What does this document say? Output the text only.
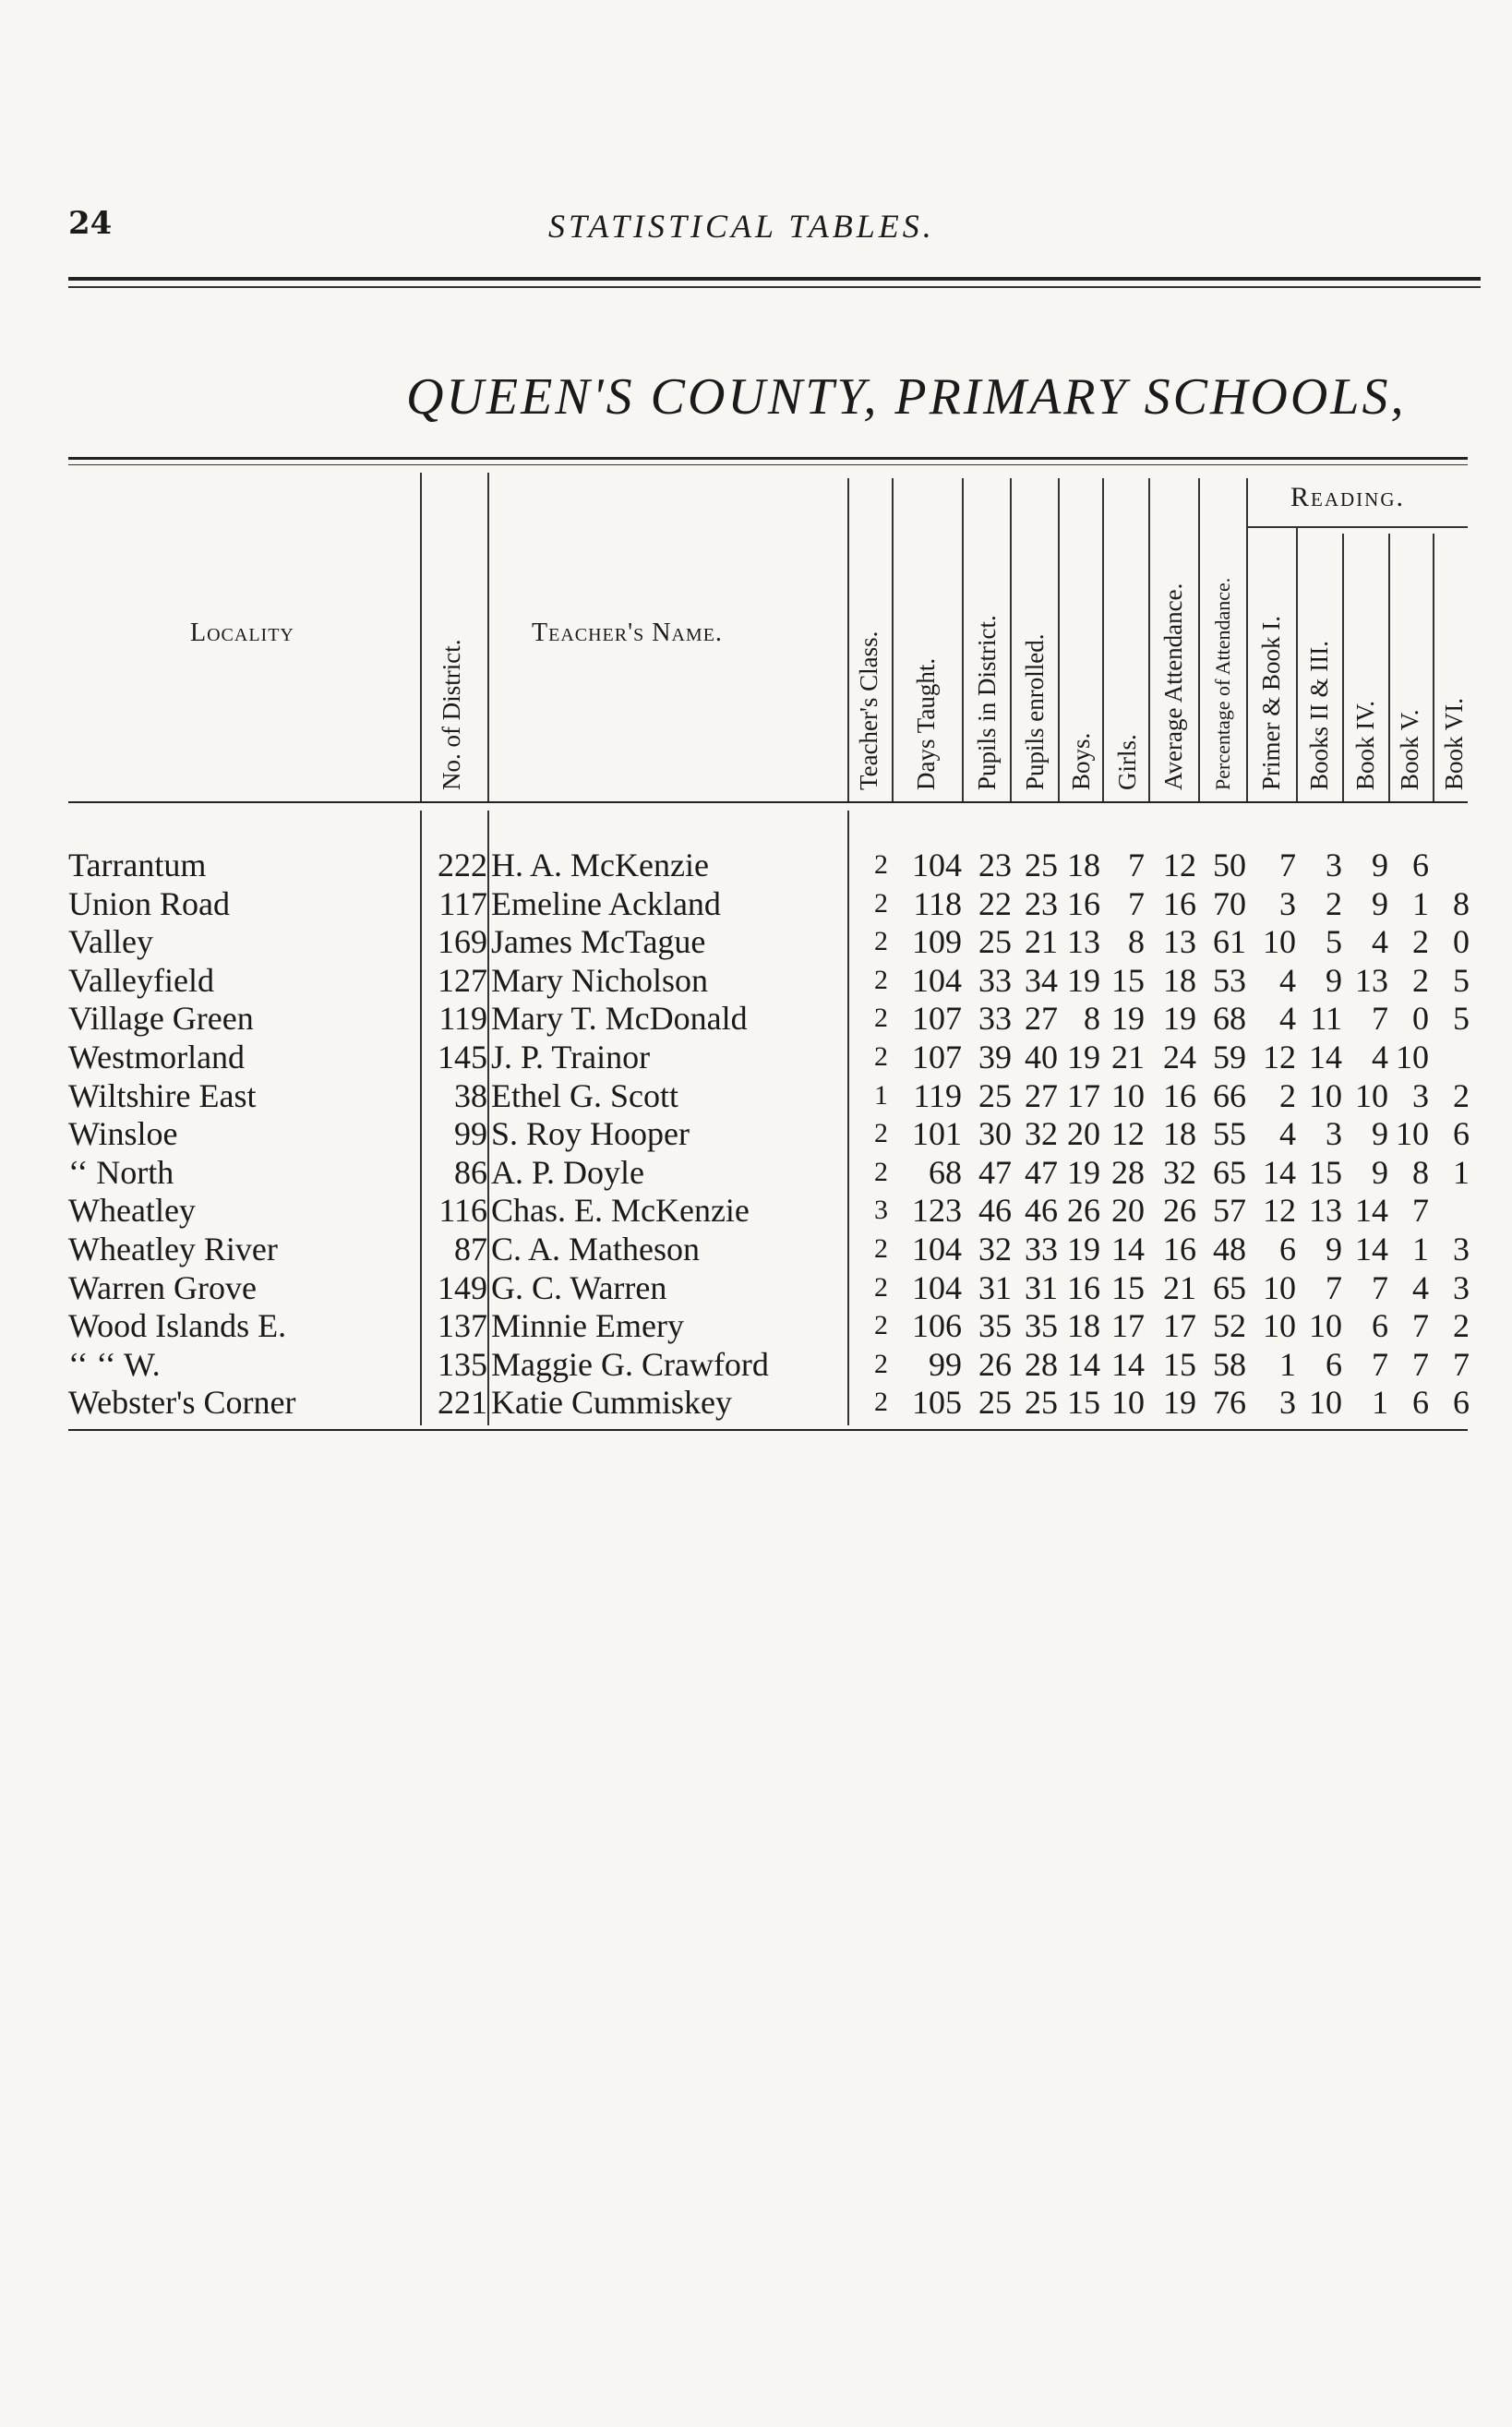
24	STATISTICAL TABLES.
QUEEN'S COUNTY, PRIMARY SCHOOLS,
Locality	Teacher's Name.
Reading.
No. of District.	Teacher's Class. Days Taught. Pupils in District. Pupils enrolled. Boys. Girls. Average Attendance. Percentage of Attendance. Primer & Book I. Books II & III. Book IV. Book V. Book VI.
Tarrantum	222 H. A. McKenzie	2 104 23 25 18 7 12 50	7 3 9 6
Union Road	117 Emeline Ackland	2 118 22 23 16 7 16 70	3 2 9 1 8
Valley	169 James McTague	2 109 25 21 13 8 13 61 10 5 4 2 0
Valleyfield	127 Mary Nicholson	2 104 33 34 19 15 18 53	4 9 13 2 5
Village Green	119 Mary T. McDonald	2 107 33 27 8 19 19 68	4 11 7 0 5
Westmorland	145 J. P. Trainor	2 107 39 40 19 21 24 59 12 14 4 10
Wiltshire East	38 Ethel G. Scott	1 119 25 27 17 10 16 66	2 10 10 3 2
Winsloe	99 S. Roy Hooper	2 101 30 32 20 12 18 55	4 3 9 10 6
‘‘ North	86 A. P. Doyle	2	68 47 47 19 28 32 65 14 15 9 8 1
Wheatley	116 Chas. E. McKenzie	3 123 46 46 26 20 26 57 12 13 14 7
Wheatley River	87 C. A. Matheson	2 104 32 33 19 14 16 48	6 9 14 1 3
Warren Grove	149 G. C. Warren	2 104 31 31 16 15 21 65 10 7 7 4 3
Wood Islands E.	137 Minnie Emery	2 106 35 35 18 17 17 52 10 10 6 7 2
‘‘ ‘‘ W.	135 Maggie G. Crawford	2	99 26 28 14 14 15 58	1 6 7 7 7
Webster's Corner	221 Katie Cummiskey	2 105 25 25 15 10 19 76	3 10 1 6 6
